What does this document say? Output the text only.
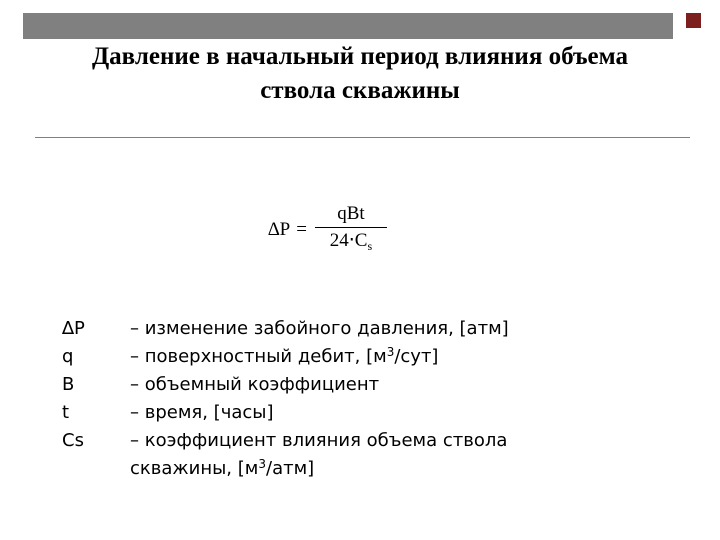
Давление в начальный период влияния объема
ствола скважины
$\Delta P = \frac{\text{qBt}}{24\cdot C_s}$
∆P	– изменение забойного давления, [атм]
q	– поверхностный дебит, $[м^3/сут]$
B	– объемный коэффициент
t	– время, [часы]
Cs	– коэффициент влияния объема ствола скважины, $[м^3/атм]$
